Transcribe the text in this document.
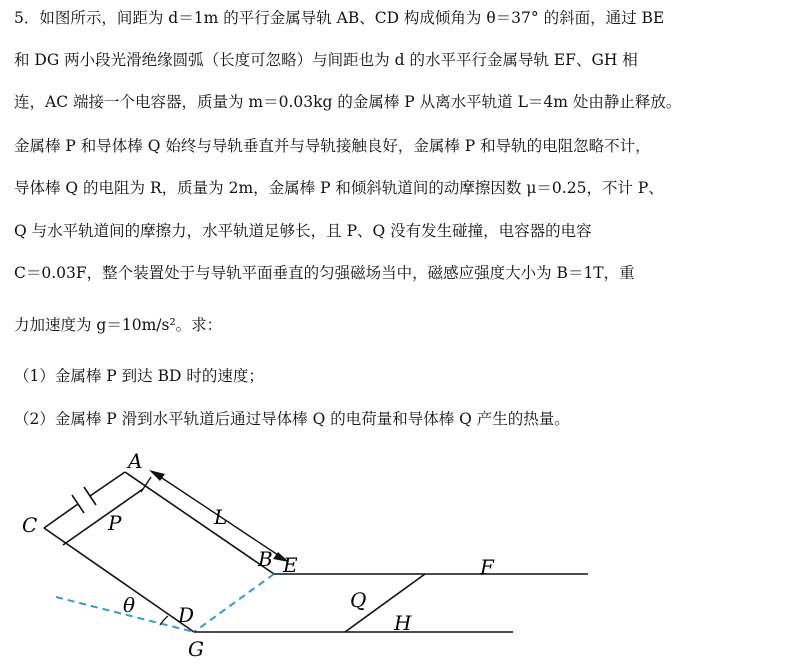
5．如图所示，间距为 d＝1m 的平行金属导轨 AB、CD 构成倾角为 θ＝37° 的斜面，通过 BE
和 DG 两小段光滑绝缘圆弧（长度可忽略）与间距也为 d 的水平平行金属导轨 EF、GH 相
连，AC 端接一个电容器，质量为 m＝0.03kg 的金属棒 P 从离水平轨道 L＝4m 处由静止释放。
金属棒 P 和导体棒 Q 始终与导轨垂直并与导轨接触良好，金属棒 P 和导轨的电阻忽略不计，
导体棒 Q 的电阻为 R，质量为 2m，金属棒 P 和倾斜轨道间的动摩擦因数 μ＝0.25，不计 P、
Q 与水平轨道间的摩擦力，水平轨道足够长，且 P、Q 没有发生碰撞，电容器的电容
C＝0.03F，整个装置处于与导轨平面垂直的匀强磁场当中，磁感应强度大小为 B＝1T，重
力加速度为 g＝10m/s²。求：
（1）金属棒 P 到达 BD 时的速度；
（2）金属棒 P 滑到水平轨道后通过导体棒 Q 的电荷量和导体棒 Q 产生的热量。
A
C	P	L
B E	F
θ D
Q
H
G
